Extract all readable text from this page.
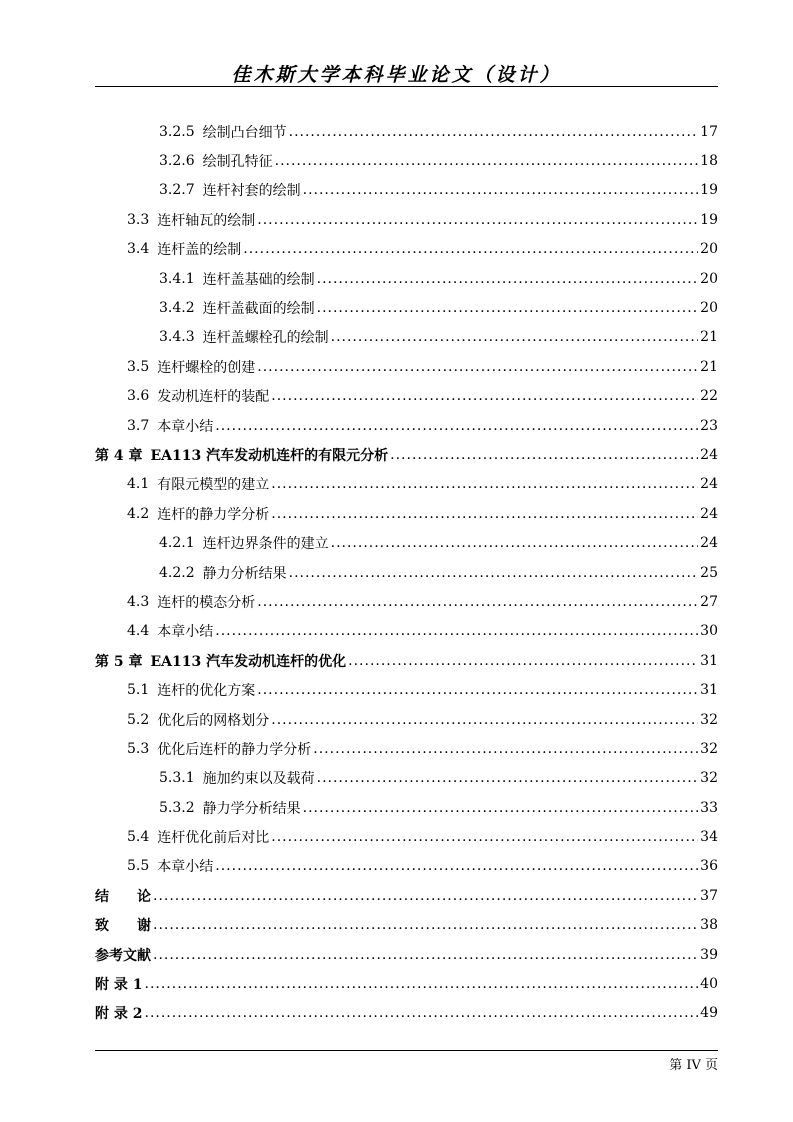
佳木斯大学本科毕业论文（设计）
3.2.5 绘制凸台细节 .....	17
3.2.6 绘制孔特征 .....	18
3.2.7 连杆衬套的绘制 .....	19
3.3 连杆轴瓦的绘制 .....	19
3.4 连杆盖的绘制 .....	20
3.4.1 连杆盖基础的绘制 .....	20
3.4.2 连杆盖截面的绘制 .....	20
3.4.3 连杆盖螺栓孔的绘制 .....	21
3.5 连杆螺栓的创建 .....	21
3.6 发动机连杆的装配 .....	22
3.7 本章小结 .....	23
第 4 章 EA113 汽车发动机连杆的有限元分析 .....	24
4.1 有限元模型的建立 .....	24
4.2 连杆的静力学分析 .....	24
4.2.1 连杆边界条件的建立 .....	24
4.2.2 静力分析结果 .....	25
4.3 连杆的模态分析 .....	27
4.4 本章小结 .....	30
第 5 章 EA113 汽车发动机连杆的优化 .....	31
5.1 连杆的优化方案 .....	31
5.2 优化后的网格划分 .....	32
5.3 优化后连杆的静力学分析 .....	32
5.3.1 施加约束以及载荷 .....	32
5.3.2 静力学分析结果 .....	33
5.4 连杆优化前后对比 .....	34
5.5 本章小结 .....	36
结　　论 .....	37
致　　谢 .....	38
参考文献 .....	39
附 录 1 .....	40
附 录 2 .....	49
第 IV 页
